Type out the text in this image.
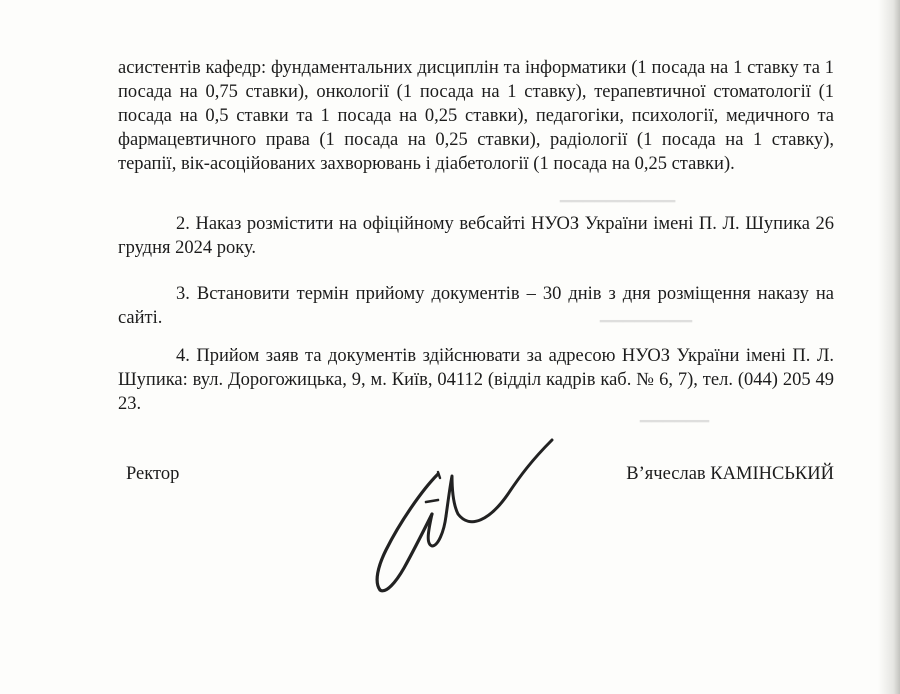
▔▔▔▔▔▔▔▔▔▔
▔▔▔▔▔▔▔▔
▔▔▔▔▔▔
асистентів кафедр: фундаментальних дисциплін та інформатики (1 посада на 1 ставку та 1 посада на 0,75 ставки), онкології (1 посада на 1 ставку), терапевтичної стоматології (1 посада на 0,5 ставки та 1 посада на 0,25 ставки), педагогіки, психології, медичного та фармацевтичного права (1 посада на 0,25 ставки), радіології (1 посада на 1 ставку), терапії, вік-асоційованих захворювань і діабетології (1 посада на 0,25 ставки).
2. Наказ розмістити на офіційному вебсайті НУОЗ України імені П. Л. Шупика 26 грудня 2024 року.
3. Встановити термін прийому документів – 30 днів з дня розміщення наказу на сайті.
4. Прийом заяв та документів здійснювати за адресою НУОЗ України імені П. Л. Шупика: вул. Дорогожицька, 9, м. Київ, 04112 (відділ кадрів каб. № 6, 7), тел. (044) 205 49 23.
Ректор	В’ячеслав КАМІНСЬКИЙ
